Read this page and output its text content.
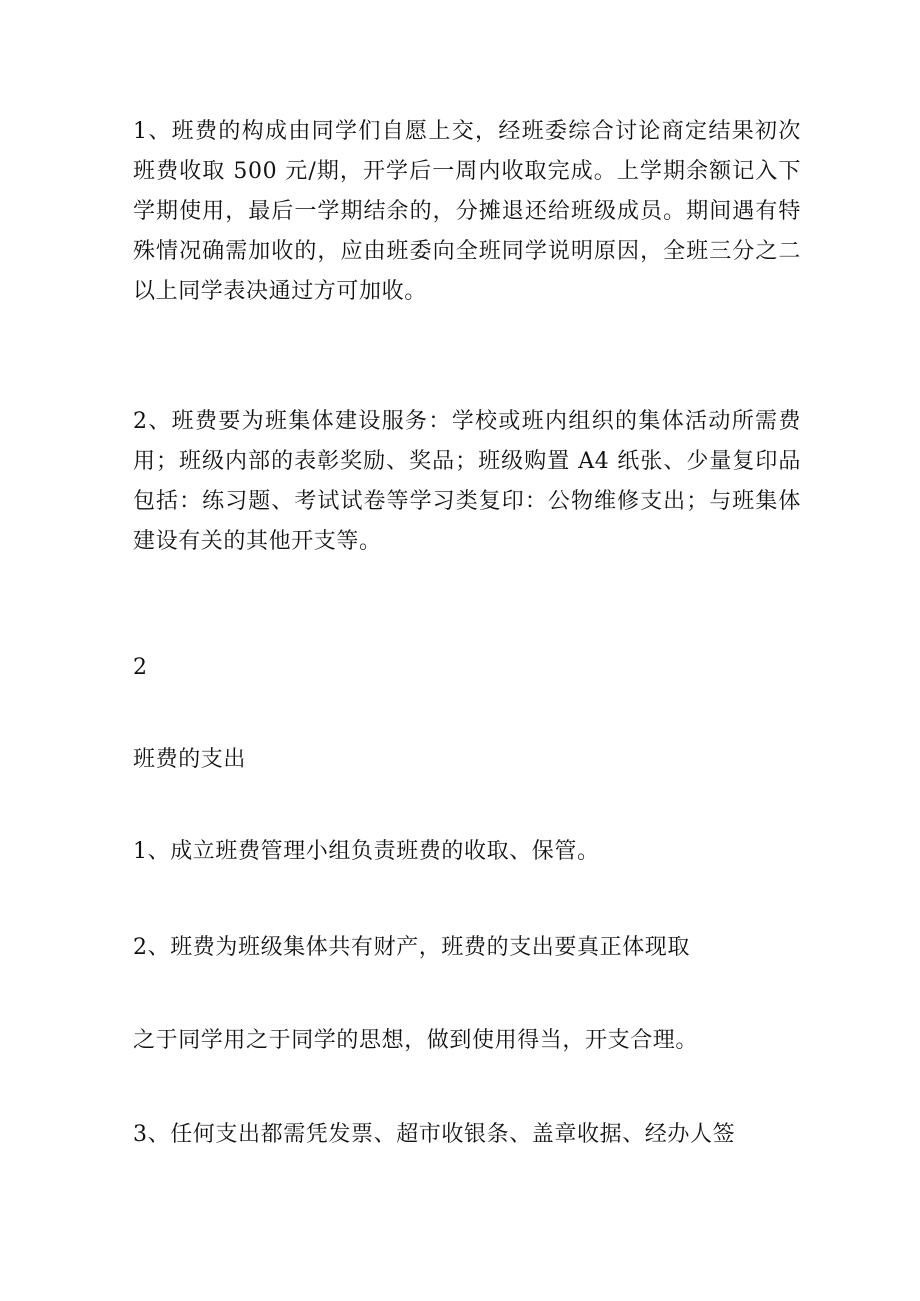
1、班费的构成由同学们自愿上交，经班委综合讨论商定结果初次班费收取 500 元/期，开学后一周内收取完成。上学期余额记入下学期使用，最后一学期结余的，分摊退还给班级成员。期间遇有特殊情况确需加收的，应由班委向全班同学说明原因，全班三分之二以上同学表决通过方可加收。

2、班费要为班集体建设服务：学校或班内组织的集体活动所需费用；班级内部的表彰奖励、奖品；班级购置 A4 纸张、少量复印品包括：练习题、考试试卷等学习类复印：公物维修支出；与班集体建设有关的其他开支等。

2

班费的支出

1、成立班费管理小组负责班费的收取、保管。

2、班费为班级集体共有财产，班费的支出要真正体现取

之于同学用之于同学的思想，做到使用得当，开支合理。

3、任何支出都需凭发票、超市收银条、盖章收据、经办人签
